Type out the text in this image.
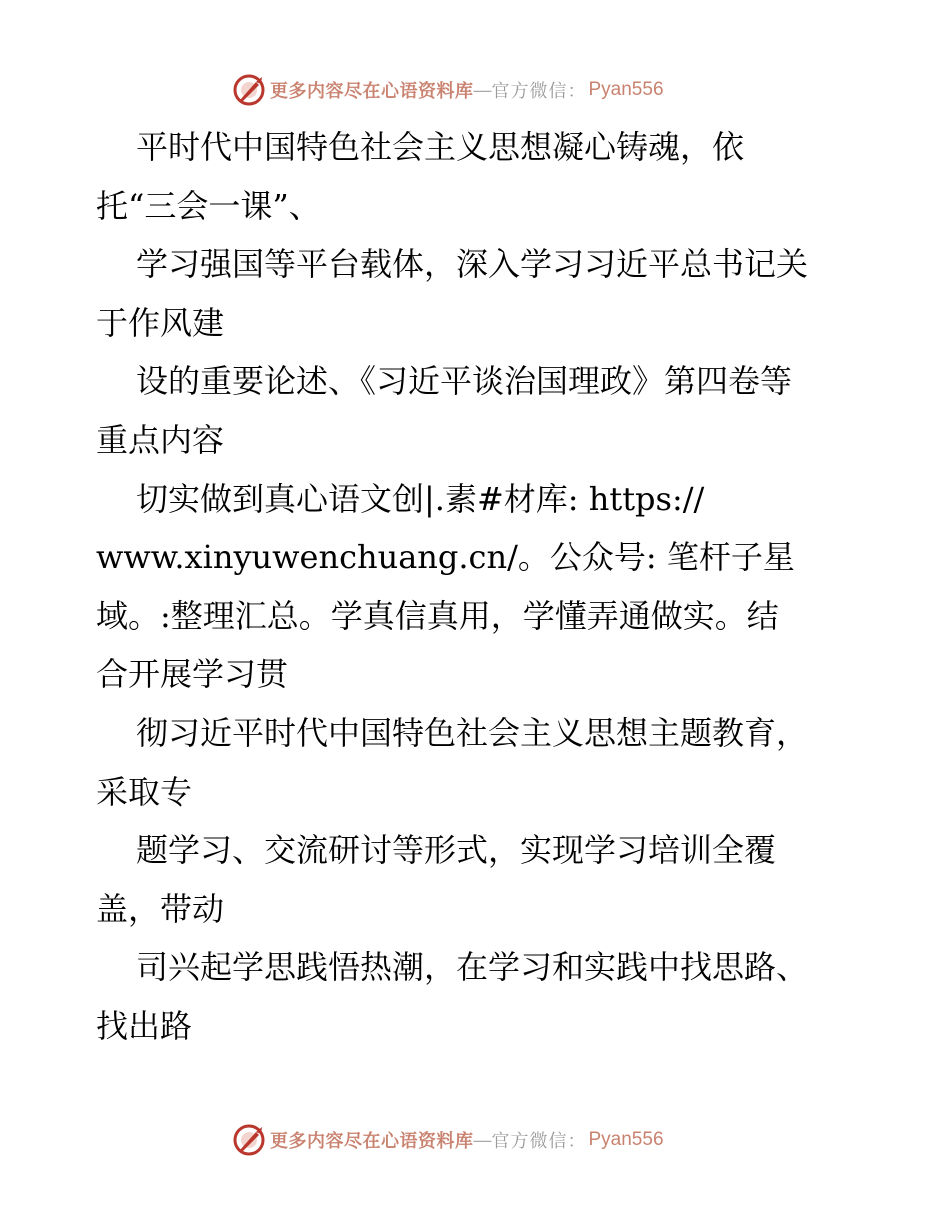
更多内容尽在心语资料库 — 官方微信： Pyan556
平时代中国特色社会主义思想凝心铸魂，依
托“三会一课”、
学习强国等平台载体，深入学习习近平总书记关
于作风建
设的重要论述、《习近平谈治国理政》第四卷等
重点内容
切实做到真心语文创|.素#材库: https://
www.xinyuwenchuang.cn/。公众号: 笔杆子星
域。:整理汇总。学真信真用，学懂弄通做实。结
合开展学习贯
彻习近平时代中国特色社会主义思想主题教育，
采取专
题学习、交流研讨等形式，实现学习培训全覆
盖，带动
司兴起学思践悟热潮，在学习和实践中找思路、
找出路
更多内容尽在心语资料库 — 官方微信： Pyan556
